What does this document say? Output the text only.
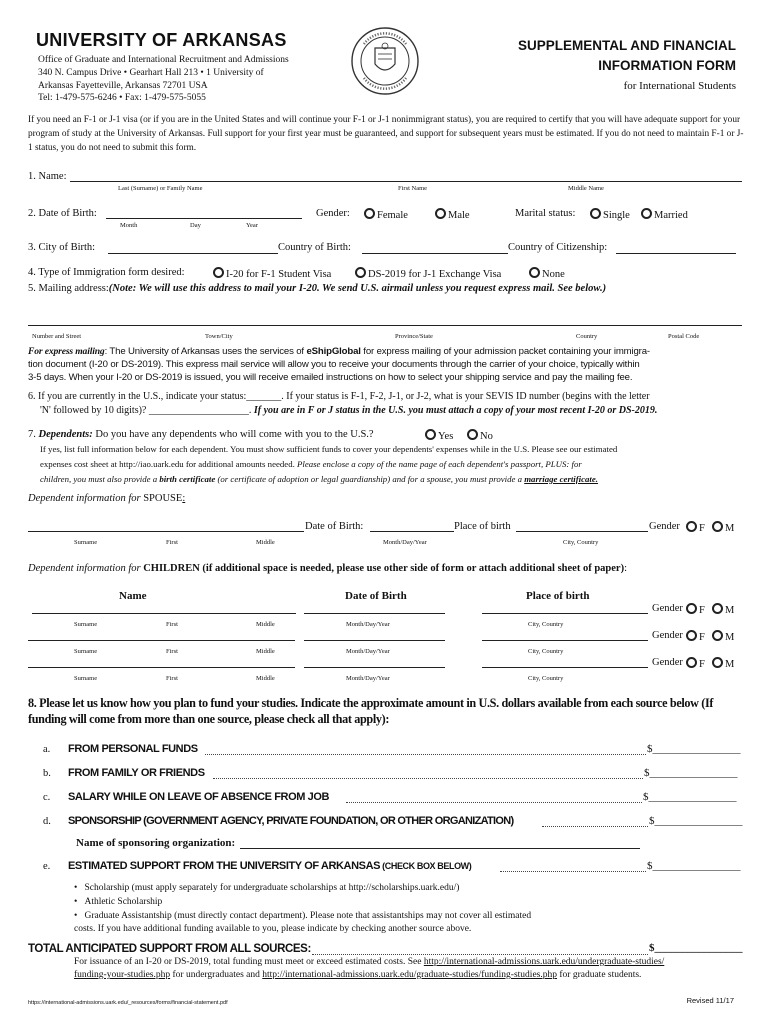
UNIVERSITY OF ARKANSAS
Office of Graduate and International Recruitment and Admissions
340 N. Campus Drive • Gearhart Hall 213 • 1 University of
Arkansas Fayetteville, Arkansas 72701 USA
Tel: 1-479-575-6246 • Fax: 1-479-575-5055
SUPPLEMENTAL AND FINANCIAL
INFORMATION FORM
for International Students
If you need an F-1 or J-1 visa (or if you are in the United States and will continue your F-1 or J-1 nonimmigrant status), you are required to certify that you will have adequate support for your program of study at the University of Arkansas. Full support for your first year must be guaranteed, and support for subsequent years must be estimated. If you do not need to maintain F-1 or J-1 status, you do not need to submit this form.
1. Name:
Last (Surname) or Family Name	First Name	Middle Name
2. Date of Birth:
Month	Day	Year
Gender:	Female	Male	Marital status:	Single	Married
3. City of Birth:	Country of Birth:	Country of Citizenship:
4. Type of Immigration form desired:	I-20 for F-1 Student Visa	DS-2019 for J-1 Exchange Visa	None
5. Mailing address:(Note: We will use this address to mail your I-20. We send U.S. airmail unless you request express mail. See below.)
Number and Street	Town/City	Province/State	Country	Postal Code
For express mailing: The University of Arkansas uses the services of eShipGlobal for express mailing of your admission packet containing your immigra-
tion document (I-20 or DS-2019). This express mail service will allow you to receive your documents through the carrier of your choice, typically within
3-5 days. When your I-20 or DS-2019 is issued, you will receive emailed instructions on how to select your shipping service and pay the mailing fee.
6. If you are currently in the U.S., indicate your status:_______. If your status is F-1, F-2, J-1, or J-2, what is your SEVIS ID number (begins with the letter
'N' followed by 10 digits)? ____________________. If you are in F or J status in the U.S. you must attach a copy of your most recent I-20 or DS-2019.
7. Dependents: Do you have any dependents who will come with you to the U.S.?	Yes	No
If yes, list full information below for each dependent. You must show sufficient funds to cover your dependents' expenses while in the U.S. Please see our estimated
expenses cost sheet at http://iao.uark.edu for additional amounts needed. Please enclose a copy of the name page of each dependent's passport, PLUS: for
children, you must also provide a birth certificate (or certificate of adoption or legal guardianship) and for a spouse, you must provide a marriage certificate.
Dependent information for SPOUSE:
Date of Birth:	Place of birth	Gender	F	M
Surname	First	Middle	Month/Day/Year	City, Country
Dependent information for CHILDREN (if additional space is needed, please use other side of form or attach additional sheet of paper):
Name	Date of Birth	Place of birth
Gender	F	M
Surname	First	Middle	Month/Day/Year	City, Country
Gender	F	M
Surname	First	Middle	Month/Day/Year	City, Country
Gender	F	M
Surname	First	Middle	Month/Day/Year	City, Country
8. Please let us know how you plan to fund your studies. Indicate the approximate amount in U.S. dollars available from each source below (If funding will come from more than one source, please check all that apply):
a. FROM PERSONAL FUNDS	$________________
b. FROM FAMILY OR FRIENDS	$________________
c. SALARY WHILE ON LEAVE OF ABSENCE FROM JOB	$________________
d. SPONSORSHIP (GOVERNMENT AGENCY, PRIVATE FOUNDATION, OR OTHER ORGANIZATION)	$________________
Name of sponsoring organization:
e. ESTIMATED SUPPORT FROM THE UNIVERSITY OF ARKANSAS (CHECK BOX BELOW)	$________________
•   Scholarship (must apply separately for undergraduate scholarships at http://scholarships.uark.edu/)
•   Athletic Scholarship
•   Graduate Assistantship (must directly contact department). Please note that assistantships may not cover all estimated
costs. If you have additional funding available to you, please indicate by checking another source above.
TOTAL ANTICIPATED SUPPORT FROM ALL SOURCES:	$________________
For issuance of an I-20 or DS-2019, total funding must meet or exceed estimated costs. See http://international-admissions.uark.edu/undergraduate-studies/
funding-your-studies.php for undergraduates and http://international-admissions.uark.edu/graduate-studies/funding-studies.php for graduate students.
https://international-admissions.uark.edu/_resources/forms/financial-statement.pdf	Revised 11/17
